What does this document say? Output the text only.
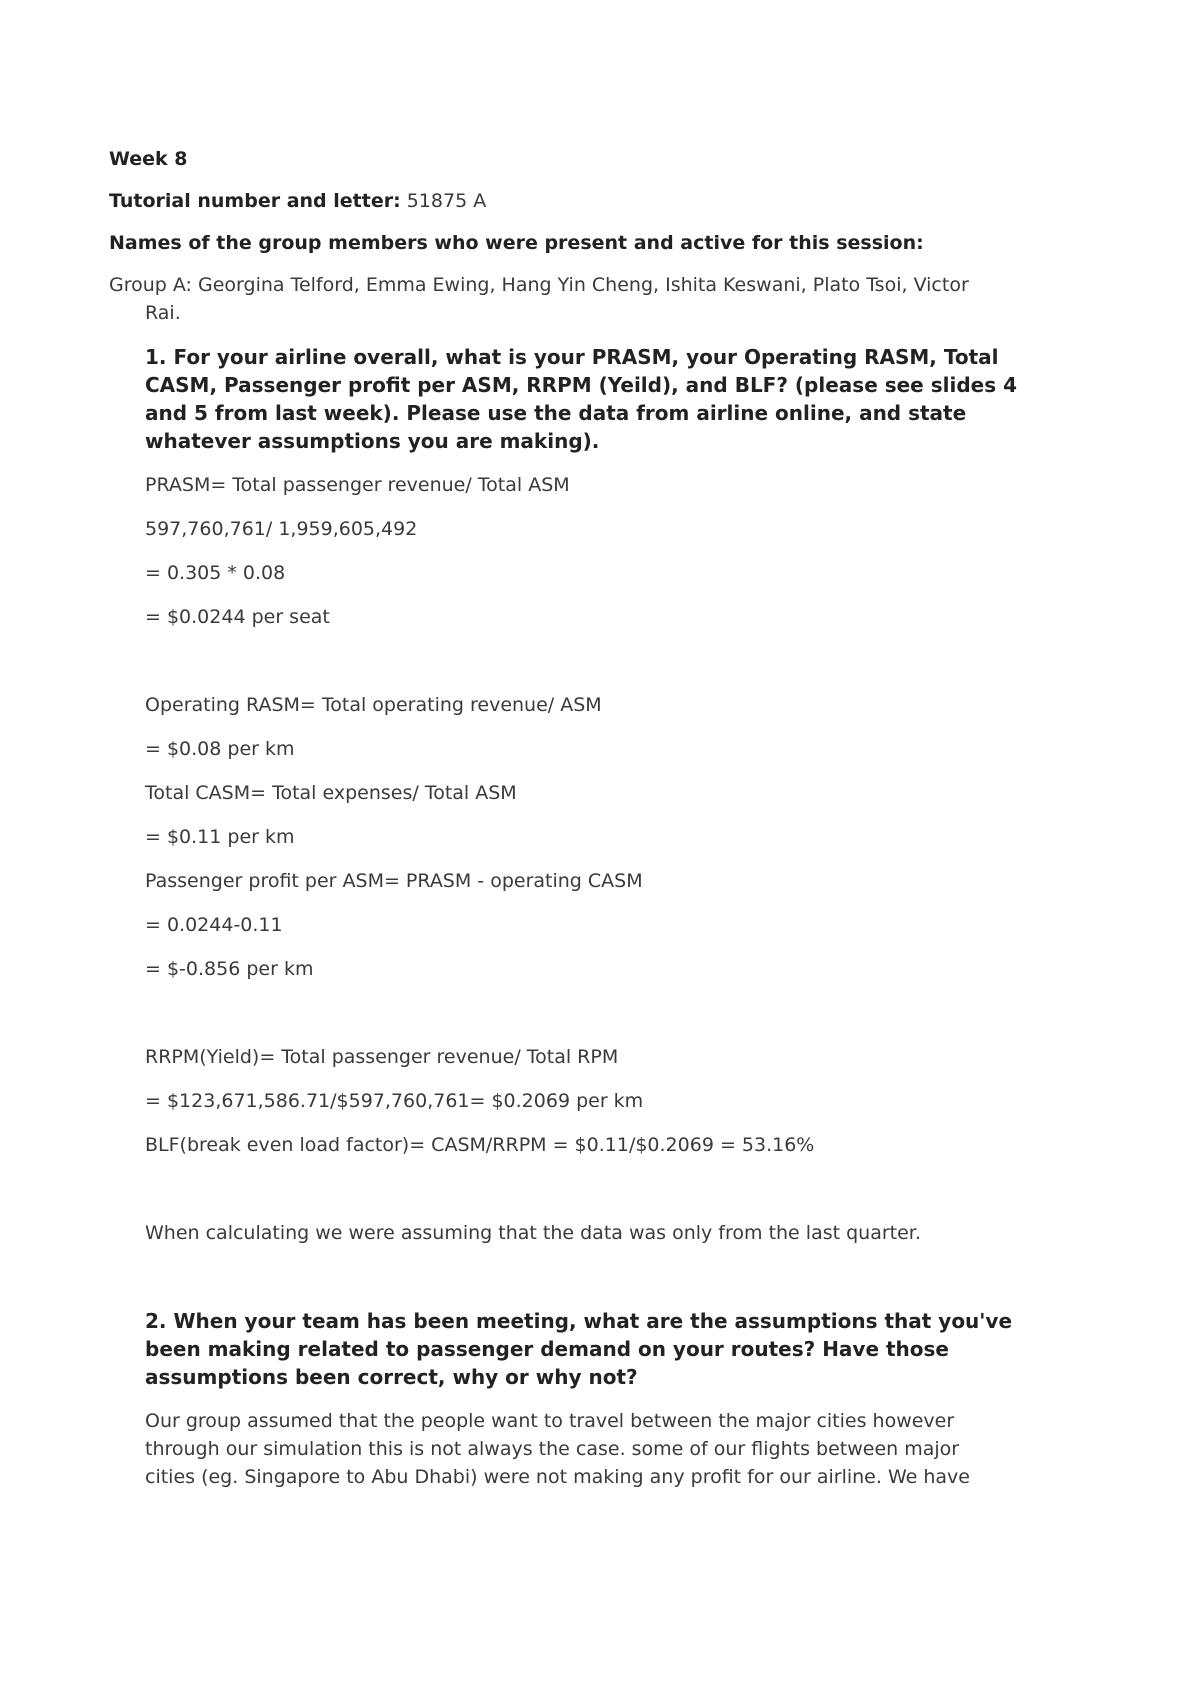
Week 8
Tutorial number and letter: 51875 A
Names of the group members who were present and active for this session:
Group A: Georgina Telford, Emma Ewing, Hang Yin Cheng, Ishita Keswani, Plato Tsoi, Victor
Rai.
1. For your airline overall, what is your PRASM, your Operating RASM, Total
CASM, Passenger profit per ASM, RRPM (Yeild), and BLF? (please see slides 4
and 5 from last week). Please use the data from airline online, and state
whatever assumptions you are making).
PRASM= Total passenger revenue/ Total ASM
597,760,761/ 1,959,605,492
= 0.305 * 0.08
= $0.0244 per seat
Operating RASM= Total operating revenue/ ASM
= $0.08 per km
Total CASM= Total expenses/ Total ASM
= $0.11 per km
Passenger profit per ASM= PRASM - operating CASM
= 0.0244-0.11
= $-0.856 per km
RRPM(Yield)= Total passenger revenue/ Total RPM
= $123,671,586.71/$597,760,761= $0.2069 per km
BLF(break even load factor)= CASM/RRPM = $0.11/$0.2069 = 53.16%
When calculating we were assuming that the data was only from the last quarter.
2. When your team has been meeting, what are the assumptions that you've
been making related to passenger demand on your routes? Have those
assumptions been correct, why or why not?
Our group assumed that the people want to travel between the major cities however
through our simulation this is not always the case. some of our flights between major
cities (eg. Singapore to Abu Dhabi) were not making any profit for our airline. We have
